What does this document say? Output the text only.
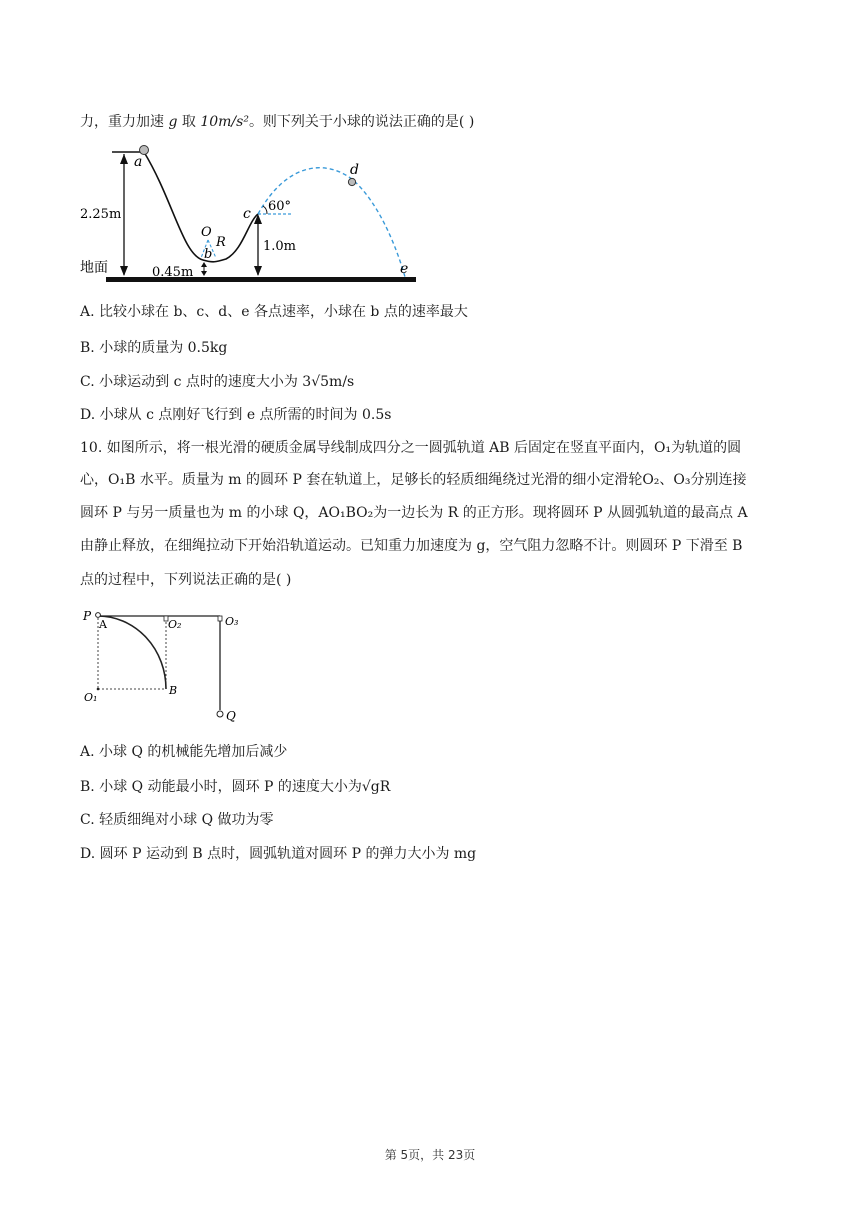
力，重力加速 g 取 10m/s²。则下列关于小球的说法正确的是( )
a
2.25m
地面	0.45m
O
R
b
c 60°
1.0m
d
e
A. 比较小球在 b、c、d、e 各点速率，小球在 b 点的速率最大
B. 小球的质量为 0.5kg
C. 小球运动到 c 点时的速度大小为 3√5m/s
D. 小球从 c 点刚好飞行到 e 点所需的时间为 0.5s
10. 如图所示，将一根光滑的硬质金属导线制成四分之一圆弧轨道 AB 后固定在竖直平面内，O₁为轨道的圆
心，O₁B 水平。质量为 m 的圆环 P 套在轨道上，足够长的轻质细绳绕过光滑的细小定滑轮O₂、O₃分别连接
圆环 P 与另一质量也为 m 的小球 Q，AO₁BO₂为一边长为 R 的正方形。现将圆环 P 从圆弧轨道的最高点 A
由静止释放，在细绳拉动下开始沿轨道运动。已知重力加速度为 g，空气阻力忽略不计。则圆环 P 下滑至 B
点的过程中，下列说法正确的是( )
P
A	O₂	O₃
O₁
B
Q
A. 小球 Q 的机械能先增加后减少
B. 小球 Q 动能最小时，圆环 P 的速度大小为√gR
C. 轻质细绳对小球 Q 做功为零
D. 圆环 P 运动到 B 点时，圆弧轨道对圆环 P 的弹力大小为 mg
第 5页，共 23页
